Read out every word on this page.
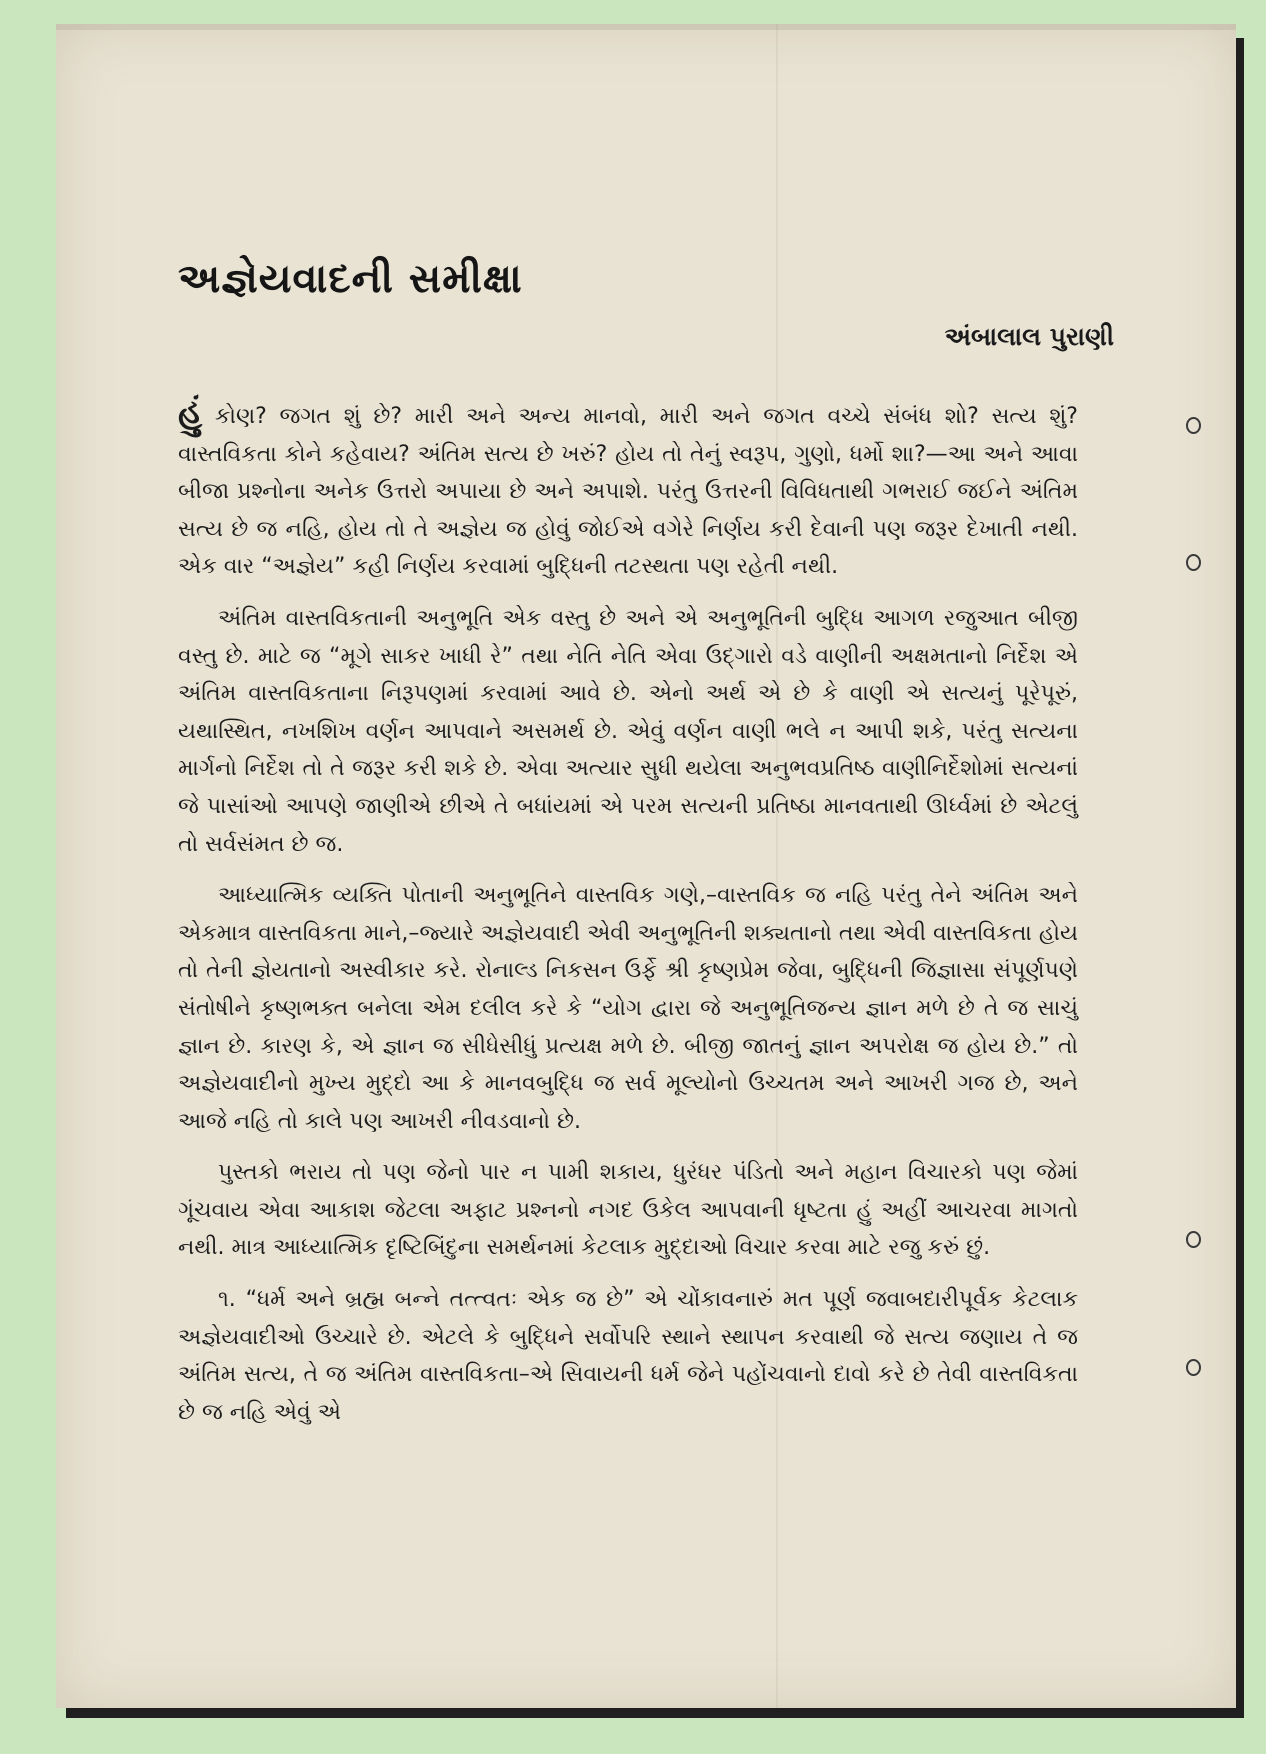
અજ્ઞેયવાદની સમીક્ષા
અંબાલાલ પુરાણી

હું કોણ? જગત શું છે? મારી અને અન્ય માનવો, મારી અને જગત વચ્ચે સંબંધ શો? સત્ય શું? વાસ્તવિકતા કોને કહેવાય? અંતિમ સત્ય છે ખરું? હોય તો તેનું સ્વરૂપ, ગુણો, ધર્મો શા?—આ અને આવા બીજા પ્રશ્નોના અનેક ઉત્તરો અપાયા છે અને અપાશે. પરંતુ ઉત્તરની વિવિધતાથી ગભરાઈ જઈને અંતિમ સત્ય છે જ નહિ, હોય તો તે અજ્ઞેય જ હોવું જોઈએ વગેરે નિર્ણય કરી દેવાની પણ જરૂર દેખાતી નથી. એક વાર “અજ્ઞેય” કહી નિર્ણય કરવામાં બુદ્ધિની તટસ્થતા પણ રહેતી નથી.

અંતિમ વાસ્તવિકતાની અનુભૂતિ એક વસ્તુ છે અને એ અનુભૂતિની બુદ્ધિ આગળ રજુઆત બીજી વસ્તુ છે. માટે જ “મૂગે સાકર ખાધી રે” તથા નેતિ નેતિ એવા ઉદ્ગારો વડે વાણીની અક્ષમતાનો નિર્દેશ એ અંતિમ વાસ્તવિકતાના નિરૂપણમાં કરવામાં આવે છે. એનો અર્થ એ છે કે વાણી એ સત્યનું પૂરેપૂરું, યથાસ્થિત, નખશિખ વર્ણન આપવાને અસમર્થ છે. એવું વર્ણન વાણી ભલે ન આપી શકે, પરંતુ સત્યના માર્ગનો નિર્દેશ તો તે જરૂર કરી શકે છે. એવા અત્યાર સુધી થયેલા અનુભવપ્રતિષ્ઠ વાણીનિર્દેશોમાં સત્યનાં જે પાસાંઓ આપણે જાણીએ છીએ તે બધાંયમાં એ પરમ સત્યની પ્રતિષ્ઠા માનવતાથી ઊર્ધ્વમાં છે એટલું તો સર્વસંમત છે જ.

આધ્યાત્મિક વ્યક્તિ પોતાની અનુભૂતિને વાસ્તવિક ગણે,–વાસ્તવિક જ નહિ પરંતુ તેને અંતિમ અને એકમાત્ર વાસ્તવિકતા માને,–જ્યારે અજ્ઞેયવાદી એવી અનુભૂતિની શક્યતાનો તથા એવી વાસ્તવિકતા હોય તો તેની જ્ઞેયતાનો અસ્વીકાર કરે. રોનાલ્ડ નિકસન ઉર્ફે શ્રી કૃષ્ણપ્રેમ જેવા, બુદ્ધિની જિજ્ઞાસા સંપૂર્ણપણે સંતોષીને કૃષ્ણભક્ત બનેલા એમ દલીલ કરે કે “યોગ દ્વારા જે અનુભૂતિજન્ય જ્ઞાન મળે છે તે જ સાચું જ્ઞાન છે. કારણ કે, એ જ્ઞાન જ સીધેસીધું પ્રત્યક્ષ મળે છે. બીજી જાતનું જ્ઞાન અપરોક્ષ જ હોય છે.” તો અજ્ઞેયવાદીનો મુખ્ય મુદ્દો આ કે માનવબુદ્ધિ જ સર્વ મૂલ્યોનો ઉચ્ચતમ અને આખરી ગજ છે, અને આજે નહિ તો કાલે પણ આખરી નીવડવાનો છે.

પુસ્તકો ભરાય તો પણ જેનો પાર ન પામી શકાય, ધુરંધર પંડિતો અને મહાન વિચારકો પણ જેમાં ગૂંચવાય એવા આકાશ જેટલા અફાટ પ્રશ્નનો નગદ ઉકેલ આપવાની ધૃષ્ટતા હું અહીં આચરવા માગતો નથી. માત્ર આધ્યાત્મિક દૃષ્ટિબિંદુના સમર્થનમાં કેટલાક મુદ્દાઓ વિચાર કરવા માટે રજુ કરું છું.

૧. “ધર્મ અને બ્રહ્મ બન્ને તત્ત્વતઃ એક જ છે” એ ચોંકાવનારું મત પૂર્ણ જવાબદારીપૂર્વક કેટલાક અજ્ઞેયવાદીઓ ઉચ્ચારે છે. એટલે કે બુદ્ધિને સર્વોપરિ સ્થાને સ્થાપન કરવાથી જે સત્ય જણાય તે જ અંતિમ સત્ય, તે જ અંતિમ વાસ્તવિકતા–એ સિવાયની ધર્મ જેને પહોંચવાનો દાવો કરે છે તેવી વાસ્તવિકતા છે જ નહિ એવું એ
